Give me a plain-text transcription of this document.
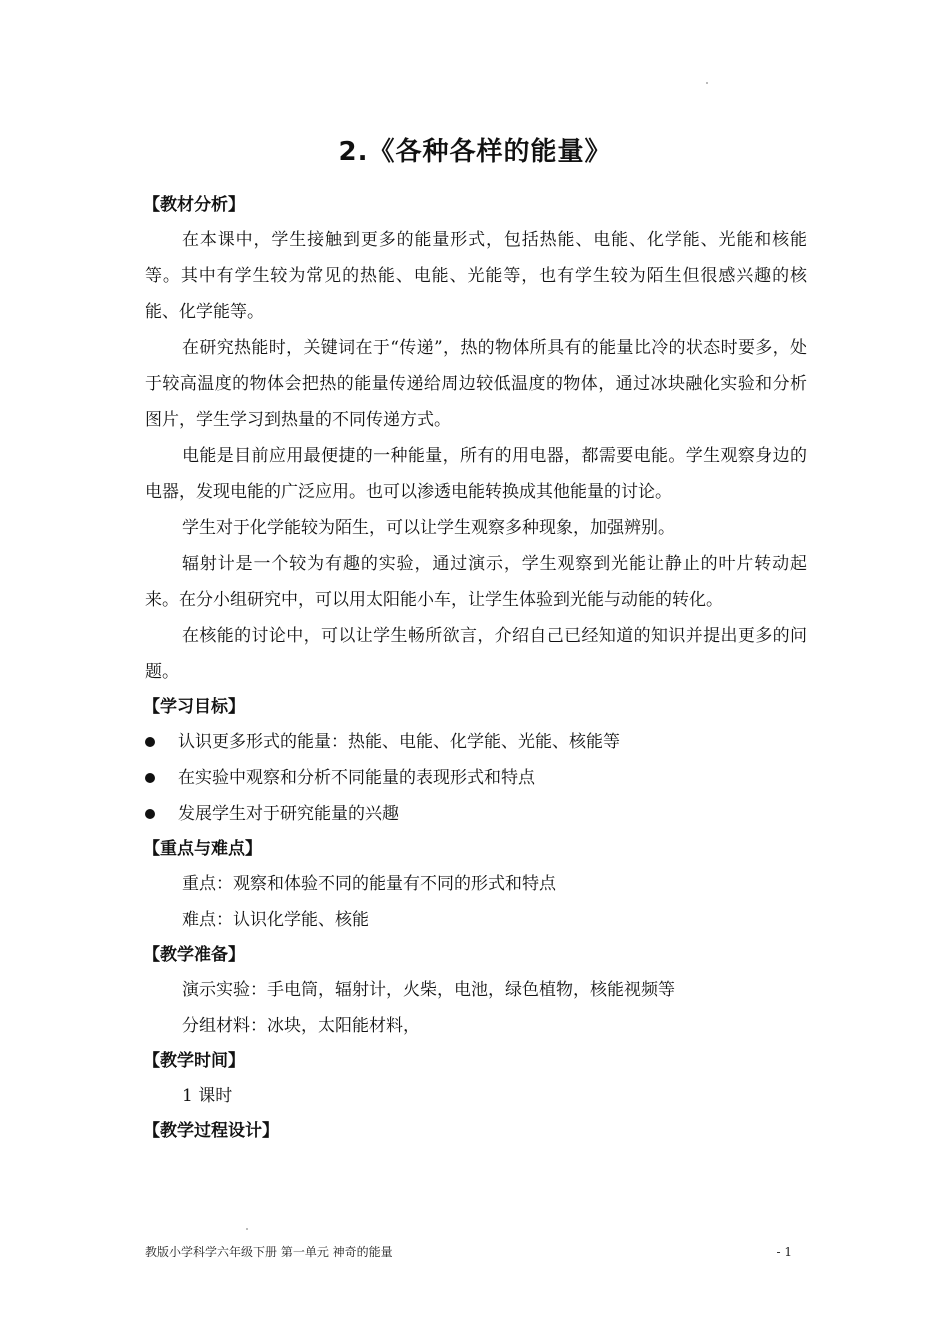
2.《各种各样的能量》
【教材分析】

在本课中，学生接触到更多的能量形式，包括热能、电能、化学能、光能和核能等。其中有学生较为常见的热能、电能、光能等，也有学生较为陌生但很感兴趣的核能、化学能等。

在研究热能时，关键词在于“传递”，热的物体所具有的能量比冷的状态时要多，处于较高温度的物体会把热的能量传递给周边较低温度的物体，通过冰块融化实验和分析图片，学生学习到热量的不同传递方式。

电能是目前应用最便捷的一种能量，所有的用电器，都需要电能。学生观察身边的电器，发现电能的广泛应用。也可以渗透电能转换成其他能量的讨论。

学生对于化学能较为陌生，可以让学生观察多种现象，加强辨别。

辐射计是一个较为有趣的实验，通过演示，学生观察到光能让静止的叶片转动起来。在分小组研究中，可以用太阳能小车，让学生体验到光能与动能的转化。

在核能的讨论中，可以让学生畅所欲言，介绍自己已经知道的知识并提出更多的问题。

【学习目标】
认识更多形式的能量：热能、电能、化学能、光能、核能等
在实验中观察和分析不同能量的表现形式和特点
发展学生对于研究能量的兴趣
【重点与难点】

重点：观察和体验不同的能量有不同的形式和特点

难点：认识化学能、核能

【教学准备】

演示实验：手电筒，辐射计，火柴，电池，绿色植物，核能视频等

分组材料：冰块，太阳能材料，

【教学时间】

1 课时

【教学过程设计】
教版小学科学六年级下册 第一单元 神奇的能量	- 1
